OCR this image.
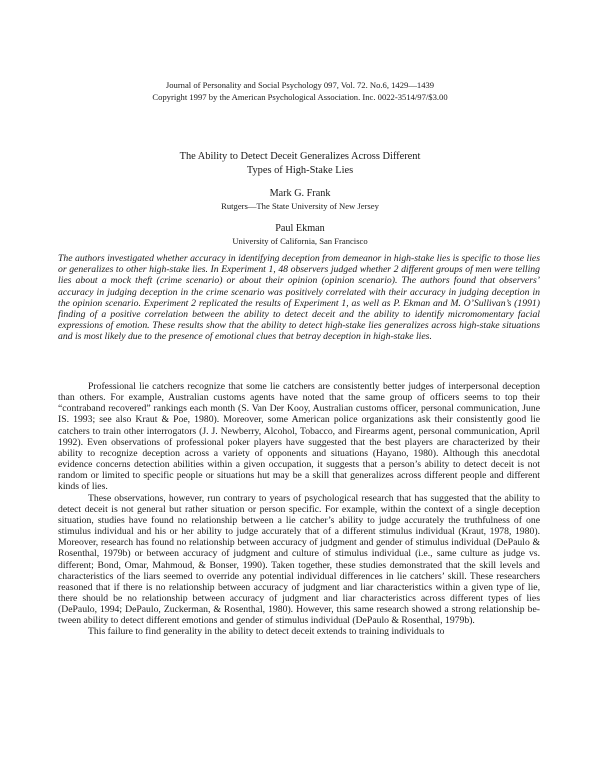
Journal of Personality and Social Psychology 097, Vol. 72. No.6, 1429—1439
Copyright 1997 by the American Psychological Association. Inc. 0022-3514/97/$3.00
The Ability to Detect Deceit Generalizes Across Different
Types of High-Stake Lies
Mark G. Frank
Rutgers—The State University of New Jersey
Paul Ekman
University of California, San Francisco
The authors investigated whether accuracy in identifying deception from demeanor in high-stake lies is specific to those lies or generalizes to other high-stake lies. In Experiment 1, 48 observers judged whether 2 different groups of men were telling lies about a mock theft (crime scenario) or about their opinion (opinion scenario). The authors found that observers’ accuracy in judging deception in the crime scenario was positively correlated with their accuracy in judging deception in the opinion scenario. Experiment 2 replicated the results of Experiment 1, as well as P. Ekman and M. O’Sullivan’s (1991) finding of a positive correlation between the ability to detect deceit and the ability to identify micromomentary facial expressions of emotion. These results show that the ability to detect high-stake lies generalizes across high-stake situations and is most likely due to the presence of emotional clues that betray deception in high-stake lies.

Professional lie catchers recognize that some lie catchers are consistently better judges of interpersonal deception than others. For example, Australian customs agents have noted that the same group of officers seems to top their “contraband recovered” rankings each month (S. Van Der Kooy, Australian customs officer, personal communication, June IS. 1993; see also Kraut & Poe, 1980). Moreover, some American police organizations ask their consistently good lie catchers to train other interrogators (J. J. Newberry, Alcohol, Tobacco, and Firearms agent, personal communication, April 1992). Even observations of professional poker players have suggested that the best players are characterized by their ability to recognize deception across a variety of opponents and situations (Hayano, 1980). Although this anecdotal evidence concerns detection abilities within a given occupation, it suggests that a person’s ability to detect deceit is not random or limited to specific people or situations hut may be a skill that generalizes across different people and different kinds of lies.

These observations, however, run contrary to years of psychological research that has suggested that the ability to detect deceit is not general but rather situation or person specific. For example, within the context of a single deception situation, studies have found no relationship between a lie catcher’s ability to judge accurately the truthfulness of one stimulus individual and his or her ability to judge accurately that of a different stimulus individual (Kraut, 1978, 1980). Moreover, research has found no relationship between accuracy of judgment and gender of stimulus individual (DePaulo & Rosenthal, 1979b) or between accuracy of judgment and culture of stimulus individual (i.e., same culture as judge vs. different; Bond, Omar, Mahmoud, & Bonser, 1990). Taken together, these studies demonstrated that the skill levels and characteristics of the liars seemed to override any potential individual differences in lie catchers’ skill. These researchers reasoned that if there is no relationship between accuracy of judgment and liar characteristics within a given type of lie, there should be no relationship between accuracy of judgment and liar characteristics across different types of lies (DePaulo, 1994; DePaulo, Zuckerman, & Rosenthal, 1980). However, this same research showed a strong relationship be-tween ability to detect different emotions and gender of stimulus individual (DePaulo & Rosenthal, 1979b).

This failure to find generality in the ability to detect deceit extends to training individuals to
